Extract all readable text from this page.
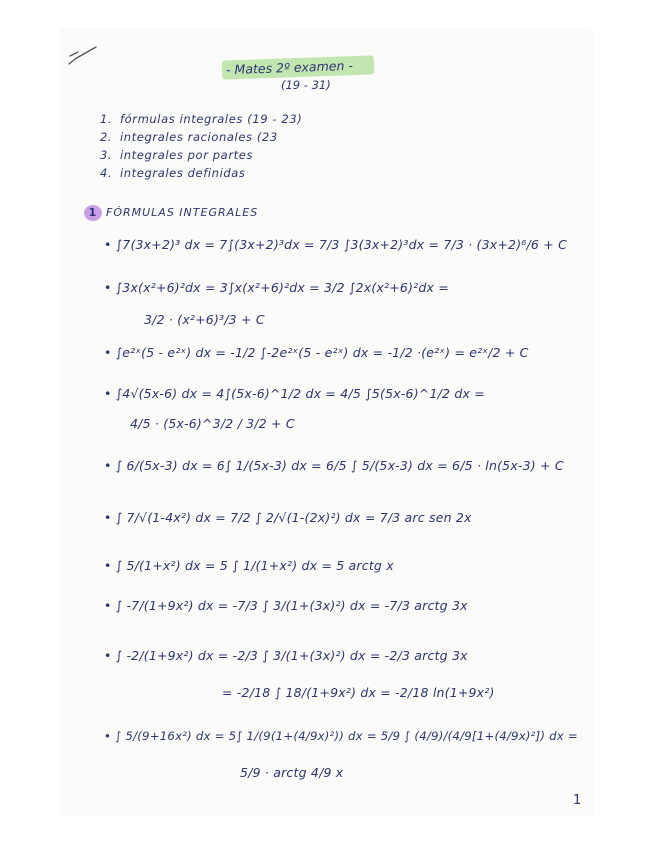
- Mates 2º examen -
(19 - 31)
1. fórmulas integrales (19 - 23)
2. integrales racionales (23
3. integrales por partes
4. integrales definidas
1 FÓRMULAS INTEGRALES
• ∫7(3x+2)³ dx = 7∫(3x+2)³dx = 7/3 ∫3(3x+2)³dx = 7/3 · (3x+2)⁶/6 + C
• ∫3x(x²+6)²dx = 3∫x(x²+6)²dx = 3/2 ∫2x(x²+6)²dx =
3/2 · (x²+6)³/3 + C
• ∫e²ˣ(5 - e²ˣ) dx = -1/2 ∫-2e²ˣ(5 - e²ˣ) dx = -1/2 ·(e²ˣ) = e²ˣ/2 + C
• ∫4√(5x-6) dx = 4∫(5x-6)^1/2 dx = 4/5 ∫5(5x-6)^1/2 dx =
4/5 · (5x-6)^3/2 / 3/2 + C
• ∫ 6/(5x-3) dx = 6∫ 1/(5x-3) dx = 6/5 ∫ 5/(5x-3) dx = 6/5 · ln(5x-3) + C
• ∫ 7/√(1-4x²) dx = 7/2 ∫ 2/√(1-(2x)²) dx = 7/3 arc sen 2x
• ∫ 5/(1+x²) dx = 5 ∫ 1/(1+x²) dx = 5 arctg x
• ∫ -7/(1+9x²) dx = -7/3 ∫ 3/(1+(3x)²) dx = -7/3 arctg 3x
• ∫ -2/(1+9x²) dx = -2/3 ∫ 3/(1+(3x)²) dx = -2/3 arctg 3x
= -2/18 ∫ 18/(1+9x²) dx = -2/18 ln(1+9x²)
• ∫ 5/(9+16x²) dx = 5∫ 1/(9(1+(4/9x)²)) dx = 5/9 ∫ (4/9)/(4/9[1+(4/9x)²]) dx =
5/9 · arctg 4/9 x
1
